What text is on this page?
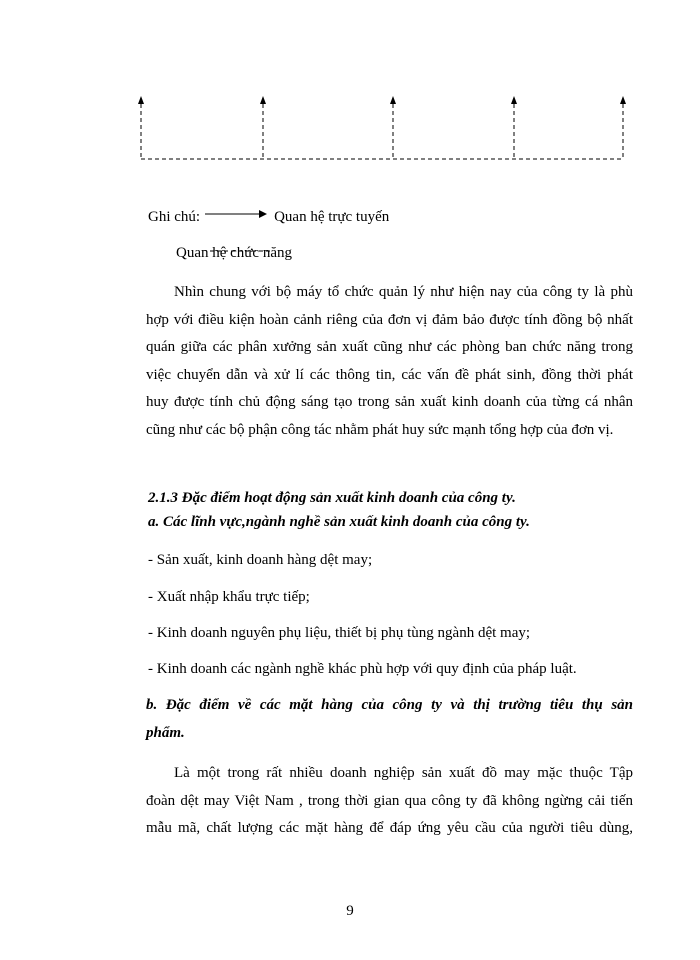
Ghi chú:	Quan hệ trực tuyến
Quan hệ chức năng
Nhìn chung với bộ máy tổ chức quản lý như hiện nay của công ty là phù
hợp với điều kiện hoàn cảnh riêng của đơn vị đảm bảo được tính đồng bộ nhất
quán giữa các phân xưởng sản xuất cũng như các phòng ban chức năng trong
việc chuyển dẫn và xử lí các thông tin, các vấn đề phát sinh, đồng thời phát
huy được tính chủ động sáng tạo trong sản xuất kinh doanh của từng cá nhân
cũng như các bộ phận công tác nhằm phát huy sức mạnh tổng hợp của đơn vị.
2.1.3 Đặc điểm hoạt động sản xuất kinh doanh của công ty.
a. Các lĩnh vực,ngành nghề sản xuất kinh doanh của công ty.
- Sản xuất, kinh doanh hàng dệt may;
- Xuất nhập khẩu trực tiếp;
- Kinh doanh nguyên phụ liệu, thiết bị phụ tùng ngành dệt may;
- Kinh doanh các ngành nghề khác phù hợp với quy định của pháp luật.
b. Đặc điểm về các mặt hàng của công ty và thị trường tiêu thụ sản
phẩm.
Là một trong rất nhiều doanh nghiệp sản xuất đồ may mặc thuộc Tập
đoàn dệt may Việt Nam , trong thời gian qua công ty đã không ngừng cải tiến
mẫu mã, chất lượng các mặt hàng để đáp ứng yêu cầu của người tiêu dùng,
9
